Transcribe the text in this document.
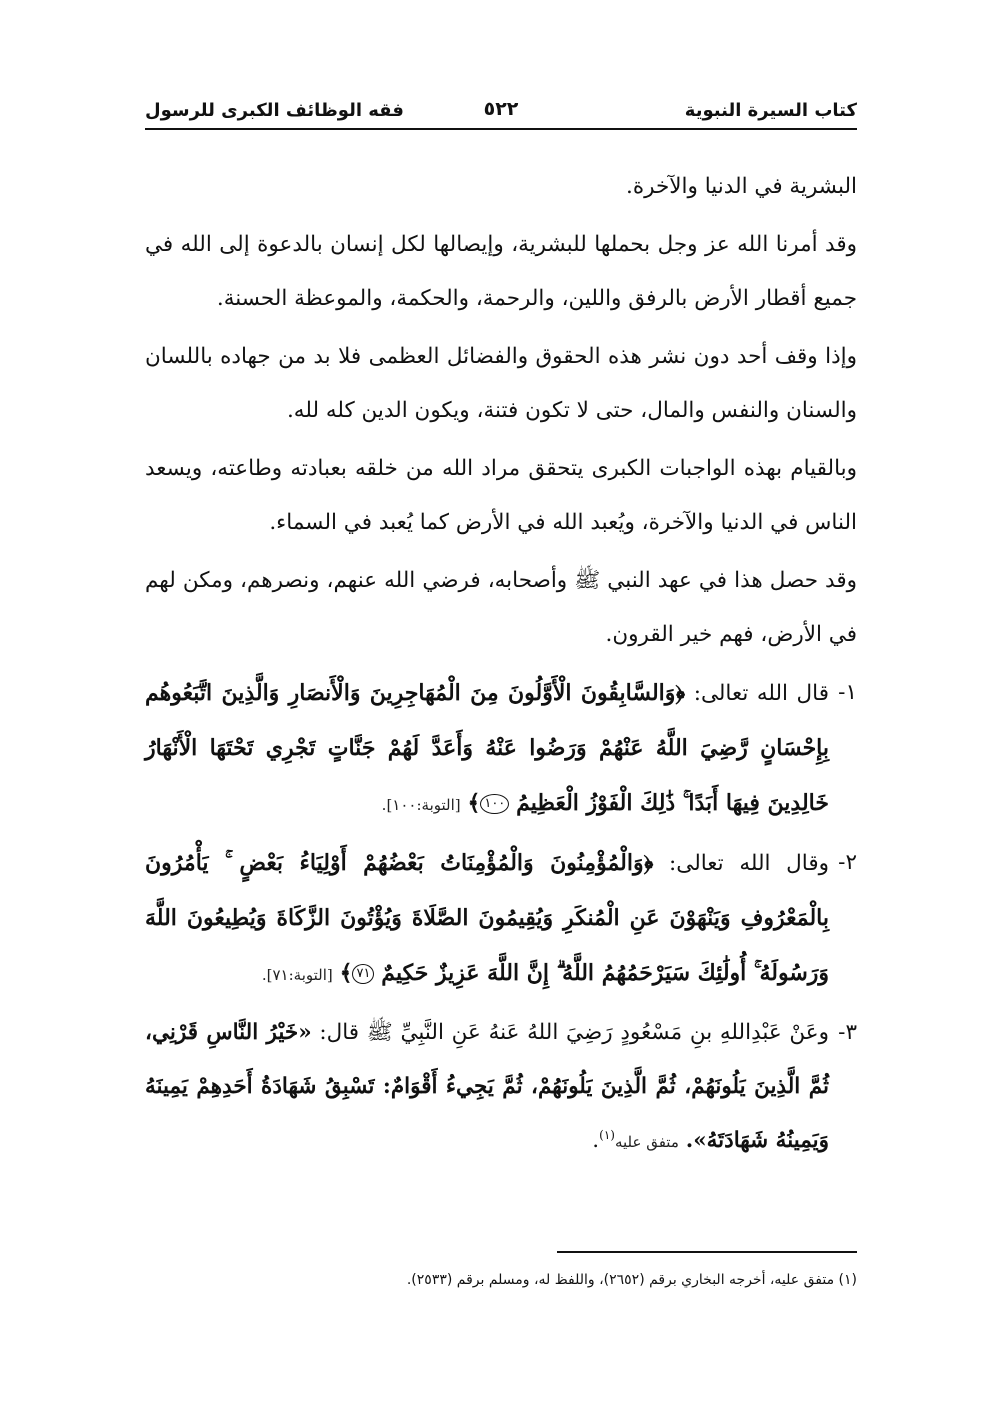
كتاب السيرة النبوية
٥٢٢
فقه الوظائف الكبرى للرسول

البشرية في الدنيا والآخرة.

وقد أمرنا الله عز وجل بحملها للبشرية، وإيصالها لكل إنسان بالدعوة إلى الله في جميع أقطار الأرض بالرفق واللين، والرحمة، والحكمة، والموعظة الحسنة.

وإذا وقف أحد دون نشر هذه الحقوق والفضائل العظمى فلا بد من جهاده باللسان والسنان والنفس والمال، حتى لا تكون فتنة، ويكون الدين كله لله.

وبالقيام بهذه الواجبات الكبرى يتحقق مراد الله من خلقه بعبادته وطاعته، ويسعد الناس في الدنيا والآخرة، ويُعبد الله في الأرض كما يُعبد في السماء.

وقد حصل هذا في عهد النبي ﷺ وأصحابه، فرضي الله عنهم، ونصرهم، ومكن لهم في الأرض، فهم خير القرون.

١-
قال الله تعالى: ﴿وَالسَّابِقُونَ الْأَوَّلُونَ مِنَ الْمُهَاجِرِينَ وَالْأَنصَارِ وَالَّذِينَ اتَّبَعُوهُم بِإِحْسَانٍ رَّضِيَ اللَّهُ عَنْهُمْ وَرَضُوا عَنْهُ وَأَعَدَّ لَهُمْ جَنَّاتٍ تَجْرِي تَحْتَهَا الْأَنْهَارُ خَالِدِينَ فِيهَا أَبَدًا ۚ ذَٰلِكَ الْفَوْزُ الْعَظِيمُ ١٠٠﴾ [التوبة:١٠٠].
٢-
وقال الله تعالى: ﴿وَالْمُؤْمِنُونَ وَالْمُؤْمِنَاتُ بَعْضُهُمْ أَوْلِيَاءُ بَعْضٍ ۚ يَأْمُرُونَ بِالْمَعْرُوفِ وَيَنْهَوْنَ عَنِ الْمُنكَرِ وَيُقِيمُونَ الصَّلَاةَ وَيُؤْتُونَ الزَّكَاةَ وَيُطِيعُونَ اللَّهَ وَرَسُولَهُ ۚ أُولَٰئِكَ سَيَرْحَمُهُمُ اللَّهُ ۗ إِنَّ اللَّهَ عَزِيزٌ حَكِيمٌ ٧١﴾ [التوبة:٧١].
٣-
وعَنْ عَبْدِاللهِ بنِ مَسْعُودٍ رَضِيَ اللهُ عَنهُ عَنِ النَّبِيِّ ﷺ قال: «خَيْرُ النَّاسِ قَرْنِي، ثُمَّ الَّذِينَ يَلُونَهُمْ، ثُمَّ الَّذِينَ يَلُونَهُمْ، ثُمَّ يَجِيءُ أَقْوَامٌ: تَسْبِقُ شَهَادَةُ أَحَدِهِمْ يَمِينَهُ وَيَمِينُهُ شَهَادَتَهُ». متفق عليه$^{(١)}$.
(١) متفق عليه، أخرجه البخاري برقم (٢٦٥٢)، واللفظ له، ومسلم برقم (٢٥٣٣).
